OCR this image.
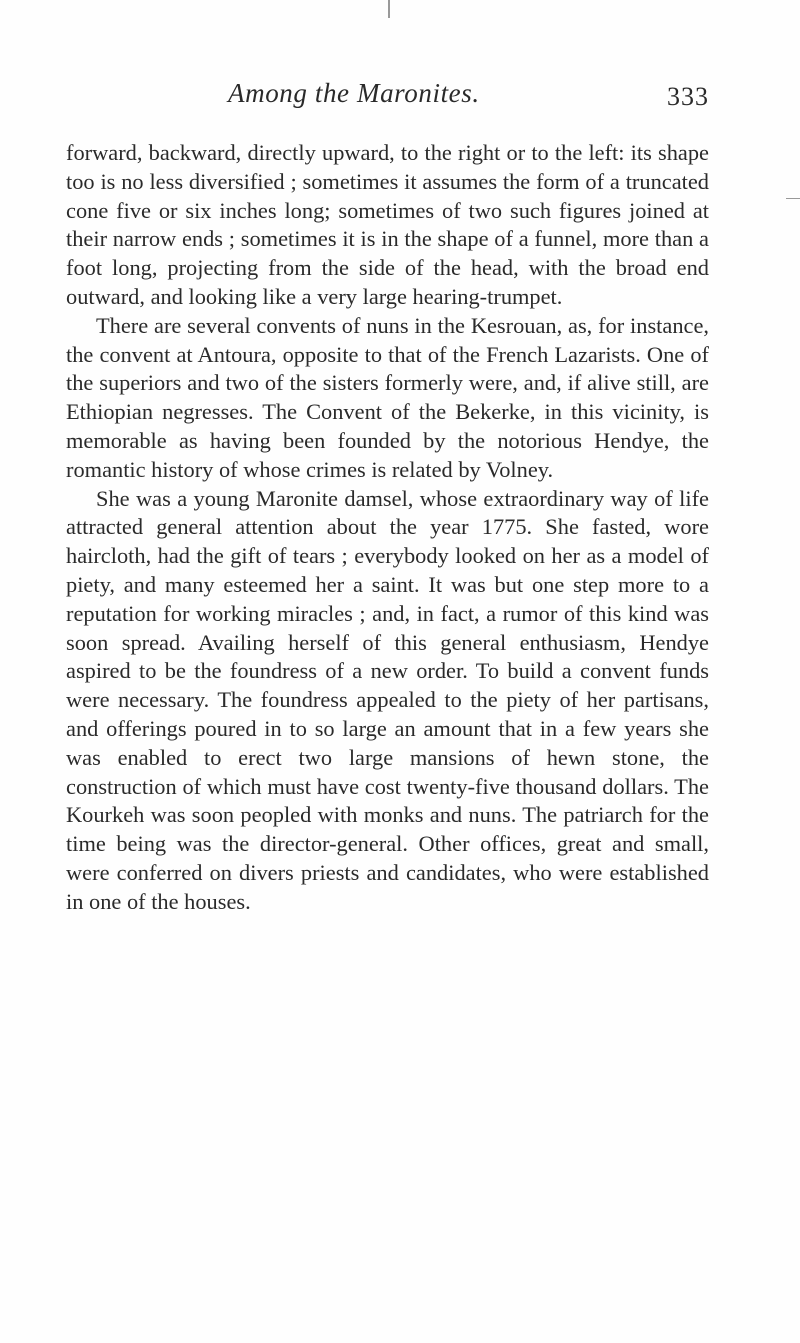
Among the Maronites.	333

forward, backward, directly upward, to the right or to the left: its shape too is no less diversified ; sometimes it assumes the form of a truncated cone five or six inches long; sometimes of two such figures joined at their narrow ends ; sometimes it is in the shape of a funnel, more than a foot long, projecting from the side of the head, with the broad end outward, and looking like a very large hearing-trumpet.

There are several convents of nuns in the Kesrouan, as, for instance, the convent at Antoura, opposite to that of the French Lazarists. One of the superiors and two of the sisters formerly were, and, if alive still, are Ethiopian negresses. The Convent of the Bekerke, in this vicinity, is memorable as having been founded by the notorious Hendye, the romantic history of whose crimes is related by Volney.

She was a young Maronite damsel, whose extraordinary way of life attracted general attention about the year 1775. She fasted, wore haircloth, had the gift of tears ; everybody looked on her as a model of piety, and many esteemed her a saint. It was but one step more to a reputation for working miracles ; and, in fact, a rumor of this kind was soon spread. Availing herself of this general enthusiasm, Hendye aspired to be the foundress of a new order. To build a convent funds were necessary. The foundress appealed to the piety of her partisans, and offerings poured in to so large an amount that in a few years she was enabled to erect two large mansions of hewn stone, the construction of which must have cost twenty-five thousand dollars. The Kourkeh was soon peopled with monks and nuns. The patriarch for the time being was the director-general. Other offices, great and small, were conferred on divers priests and candidates, who were established in one of the houses.
